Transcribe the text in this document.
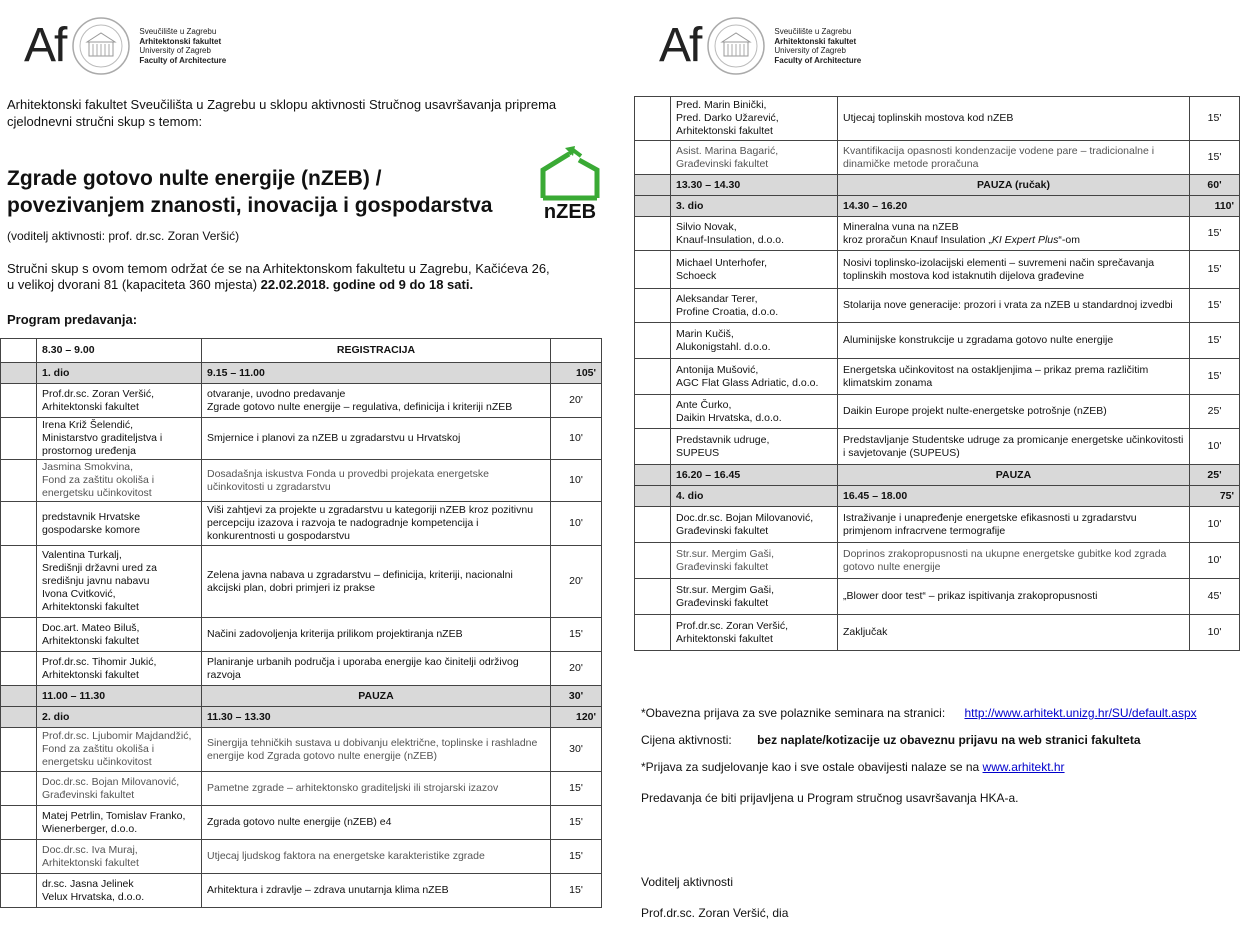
Af	Sveučilište u Zagrebu
Arhitektonski fakultet
University of Zagreb
Faculty of Architecture
Arhitektonski fakultet Sveučilišta u Zagrebu u sklopu aktivnosti Stručnog usavršavanja priprema cjelodnevni stručni skup s temom:
Zgrade gotovo nulte energije (nZEB) /
povezivanjem znanosti, inovacija i gospodarstva	nZEB
(voditelj aktivnosti: prof. dr.sc. Zoran Veršić)
Stručni skup s ovom temom održat će se na Arhitektonskom fakultetu u Zagrebu, Kačićeva 26,
u velikoj dvorani 81 (kapaciteta 360 mjesta) 22.02.2018. godine od 9 do 18 sati.
Program predavanja:
	8.30 – 9.00	REGISTRACIJA	
	1. dio	9.15 – 11.00	105'
	Prof.dr.sc. Zoran Veršić,
Arhitektonski fakultet	otvaranje, uvodno predavanje
Zgrade gotovo nulte energije – regulativa, definicija i kriteriji nZEB	20'
	Irena Križ Šelendić,
Ministarstvo graditeljstva i
prostornog uređenja	Smjernice i planovi za nZEB u zgradarstvu u Hrvatskoj	10'
	Jasmina Smokvina,
Fond za zaštitu okoliša i
energetsku učinkovitost	Dosadašnja iskustva Fonda u provedbi projekata energetske učinkovitosti u zgradarstvu	10'
	predstavnik Hrvatske
gospodarske komore	Viši zahtjevi za projekte u zgradarstvu u kategoriji nZEB kroz pozitivnu percepciju izazova i razvoja te nadogradnje kompetencija i konkurentnosti u gospodarstvu	10'
	Valentina Turkalj,
Središnji državni ured za
središnju javnu nabavu
Ivona Cvitković,
Arhitektonski fakultet	Zelena javna nabava u zgradarstvu – definicija, kriteriji, nacionalni akcijski plan, dobri primjeri iz prakse	20'
	Doc.art. Mateo Biluš,
Arhitektonski fakultet	Načini zadovoljenja kriterija prilikom projektiranja nZEB	15'
	Prof.dr.sc. Tihomir Jukić,
Arhitektonski fakultet	Planiranje urbanih područja i uporaba energije kao činitelji održivog razvoja	20'
	11.00 – 11.30	PAUZA	30'
	2. dio	11.30 – 13.30	120'
	Prof.dr.sc. Ljubomir Majdandžić,
Fond za zaštitu okoliša i
energetsku učinkovitost	Sinergija tehničkih sustava u dobivanju električne, toplinske i rashladne energije kod Zgrada gotovo nulte energije (nZEB)	30'
	Doc.dr.sc. Bojan Milovanović,
Građevinski fakultet	Pametne zgrade – arhitektonsko graditeljski ili strojarski izazov	15'
	Matej Petrlin, Tomislav Franko,
Wienerberger, d.o.o.	Zgrada gotovo nulte energije (nZEB) e4	15'
	Doc.dr.sc. Iva Muraj,
Arhitektonski fakultet	Utjecaj ljudskog faktora na energetske karakteristike zgrade	15'
	dr.sc. Jasna Jelinek
Velux Hrvatska, d.o.o.	Arhitektura i zdravlje – zdrava unutarnja klima nZEB	15'
Af	Sveučilište u Zagrebu
Arhitektonski fakultet
University of Zagreb
Faculty of Architecture
	Pred. Marin Binički,
Pred. Darko Užarević,
Arhitektonski fakultet	Utjecaj toplinskih mostova kod nZEB	15'
	Asist. Marina Bagarić,
Građevinski fakultet	Kvantifikacija opasnosti kondenzacije vodene pare – tradicionalne i dinamičke metode proračuna	15'
	13.30 – 14.30	PAUZA (ručak)	60'
	3. dio	14.30 – 16.20	110'
	Silvio Novak,
Knauf-Insulation, d.o.o.	Mineralna vuna na nZEB
kroz proračun Knauf Insulation „KI Expert Plus“-om	15'
	Michael Unterhofer,
Schoeck	Nosivi toplinsko-izolacijski elementi – suvremeni način sprečavanja toplinskih mostova kod istaknutih dijelova građevine	15'
	Aleksandar Terer,
Profine Croatia, d.o.o.	Stolarija nove generacije: prozori i vrata za nZEB u standardnoj izvedbi	15'
	Marin Kučiš,
Alukonigstahl. d.o.o.	Aluminijske konstrukcije u zgradama gotovo nulte energije	15'
	Antonija Mušović,
AGC Flat Glass Adriatic, d.o.o.	Energetska učinkovitost na ostakljenjima – prikaz prema različitim klimatskim zonama	15'
	Ante Čurko,
Daikin Hrvatska, d.o.o.	Daikin Europe projekt nulte-energetske potrošnje (nZEB)	25'
	Predstavnik udruge,
SUPEUS	Predstavljanje Studentske udruge za promicanje energetske učinkovitosti i savjetovanje (SUPEUS)	10'
	16.20 – 16.45	PAUZA	25'
	4. dio	16.45 – 18.00	75'
	Doc.dr.sc. Bojan Milovanović,
Građevinski fakultet	Istraživanje i unapređenje energetske efikasnosti u zgradarstvu primjenom infracrvene termografije	10'
	Str.sur. Mergim Gaši,
Građevinski fakultet	Doprinos zrakopropusnosti na ukupne energetske gubitke kod zgrada gotovo nulte energije	10'
	Str.sur. Mergim Gaši,
Građevinski fakultet	„Blower door test“ – prikaz ispitivanja zrakopropusnosti	45'
	Prof.dr.sc. Zoran Veršić,
Arhitektonski fakultet	Zaključak	10'
*Obavezna prijava za sve polaznike seminara na stranici: http://www.arhitekt.unizg.hr/SU/default.aspx
Cijena aktivnosti: bez naplate/kotizacije uz obaveznu prijavu na web stranici fakulteta
*Prijava za sudjelovanje kao i sve ostale obavijesti nalaze se na www.arhitekt.hr
Predavanja će biti prijavljena u Program stručnog usavršavanja HKA-a.
Voditelj aktivnosti
Prof.dr.sc. Zoran Veršić, dia
